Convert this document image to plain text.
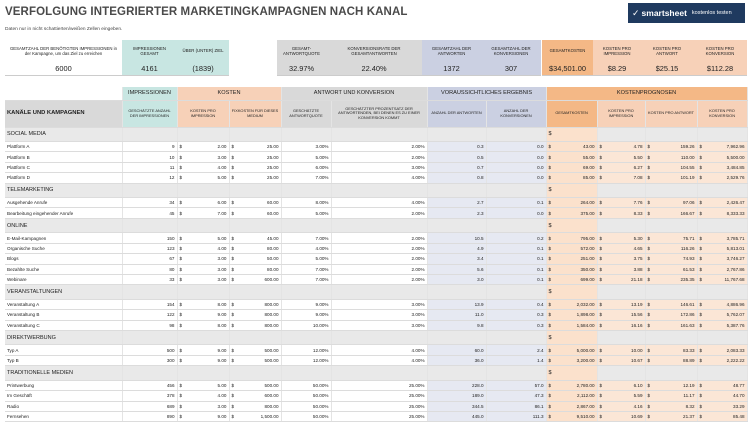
VERFOLGUNG INTEGRIERTER MARKETINGKAMPAGNEN NACH KANAL
Daten nur in nicht schattierten/weißen Zellen eingeben.
✓ smartsheet kostenlos testen
GESAMTZAHL DER BENÖTIGTEN IMPRESSIONEN in der Kampagne, um das Ziel zu erreichen
6000
IMPRESSIONEN GESAMT
4161
ÜBER (UNTER) ZIEL
(1839)
GESAMT-ANTWORTQUOTE
32.97%
KONVERSIONSRATE DER GESAMTANTWORTEN
22.40%
GESAMTZAHL DER ANTWORTEN
1372
GESAMTZAHL DER KONVERSIONEN
307
GESAMTKOSTEN
$34,501.00
KOSTEN PRO IMPRESSION
$8.29
KOSTEN PRO ANTWORT
$25.15
KOSTEN PRO KONVERSION
$112.28
	IMPRESSIONEN	KOSTEN		ANTWORT UND KONVERSION		VORAUSSICHTLICHES ERGEBNIS		KOSTENPROGNOSEN			
KANÄLE UND KAMPAGNEN	GESCHÄTZTE ANZAHL DER IMPRESSIONEN	KOSTEN PRO IMPRESSION	FIXKOSTEN FÜR DIESES MEDIUM	GESCHÄTZTE ANTWORTQUOTE	GESCHÄTZTER PROZENTSATZ DER ANTWORTENDEN, BEI DENEN ES ZU EINER KONVERSION KOMMT	ANZAHL DER ANTWORTEN	ANZAHL DER KONVERSIONEN	GESAMTKOSTEN	KOSTEN PRO IMPRESSION	KOSTEN PRO ANTWORT	KOSTEN PRO KONVERSION
SOCIAL MEDIA								$			
Plattform A	9	$ 2.00	$ 25.00	3.00%	2.00%	0.3	0.0	$ 43.00	$ 4.78	$ 159.26	$ 7,962.96

Plattform B	10	$ 3.00	$ 25.00	5.00%	2.00%	0.5	0.0	$ 55.00	$ 5.50	$ 110.00	$ 5,500.00

Plattform C	11	$ 4.00	$ 25.00	6.00%	3.00%	0.7	0.0	$ 69.00	$ 6.27	$ 104.55	$ 3,484.85

Plattform D	12	$ 5.00	$ 25.00	7.00%	4.00%	0.8	0.0	$ 85.00	$ 7.08	$ 101.19	$ 2,529.76

TELEMARKETING								$			
Ausgehende Anrufe	34	$ 6.00	$ 60.00	8.00%	4.00%	2.7	0.1	$ 264.00	$ 7.76	$ 97.06	$ 2,426.47

Bearbeitung eingehender Anrufe	45	$ 7.00	$ 60.00	5.00%	2.00%	2.3	0.0	$ 375.00	$ 8.33	$ 166.67	$ 8,333.33

ONLINE								$			
E-Mail-Kampagnen	150	$ 5.00	$ 45.00	7.00%	2.00%	10.5	0.2	$ 795.00	$ 5.30	$ 75.71	$ 3,785.71

Organische Suche	123	$ 4.00	$ 80.00	4.00%	2.00%	4.9	0.1	$ 572.00	$ 4.65	$ 116.26	$ 5,813.01

Blogs	67	$ 3.00	$ 50.00	5.00%	2.00%	3.4	0.1	$ 251.00	$ 3.75	$ 74.93	$ 3,746.27

Bezahlte Suche	80	$ 3.00	$ 80.00	7.00%	2.00%	5.6	0.1	$ 350.00	$ 3.88	$ 61.53	$ 2,767.86

Webinare	33	$ 3.00	$ 600.00	7.00%	2.00%	3.0	0.1	$ 699.00	$ 21.18	$ 235.35	$ 11,767.68

VERANSTALTUNGEN								$			
Veranstaltung A	154	$ 8.00	$ 800.00	9.00%	3.00%	13.9	0.4	$ 2,032.00	$ 13.19	$ 146.61	$ 4,886.96

Veranstaltung B	122	$ 9.00	$ 800.00	9.00%	3.00%	11.0	0.3	$ 1,898.00	$ 15.56	$ 172.86	$ 5,762.07

Veranstaltung C	98	$ 8.00	$ 800.00	10.00%	3.00%	9.8	0.3	$ 1,584.00	$ 16.16	$ 161.63	$ 5,387.76

DIREKTWERBUNG								$			
Typ A	500	$ 9.00	$ 500.00	12.00%	4.00%	60.0	2.4	$ 5,000.00	$ 10.00	$ 83.33	$ 2,083.33

Typ B	300	$ 9.00	$ 500.00	12.00%	4.00%	36.0	1.4	$ 3,200.00	$ 10.67	$ 88.89	$ 2,222.22

TRADITIONELLE MEDIEN								$			
Printwerbung	456	$ 5.00	$ 500.00	50.00%	25.00%	228.0	57.0	$ 2,780.00	$ 6.10	$ 12.19	$ 48.77

Im Geschäft	378	$ 4.00	$ 600.00	50.00%	25.00%	189.0	47.3	$ 2,112.00	$ 5.59	$ 11.17	$ 44.70

Radio	689	$ 3.00	$ 800.00	50.00%	25.00%	344.5	86.1	$ 2,867.00	$ 4.16	$ 8.32	$ 33.29

Fernsehen	890	$ 9.00	$ 1,500.00	50.00%	25.00%	445.0	111.3	$ 9,510.00	$ 10.69	$ 21.37	$ 85.48
